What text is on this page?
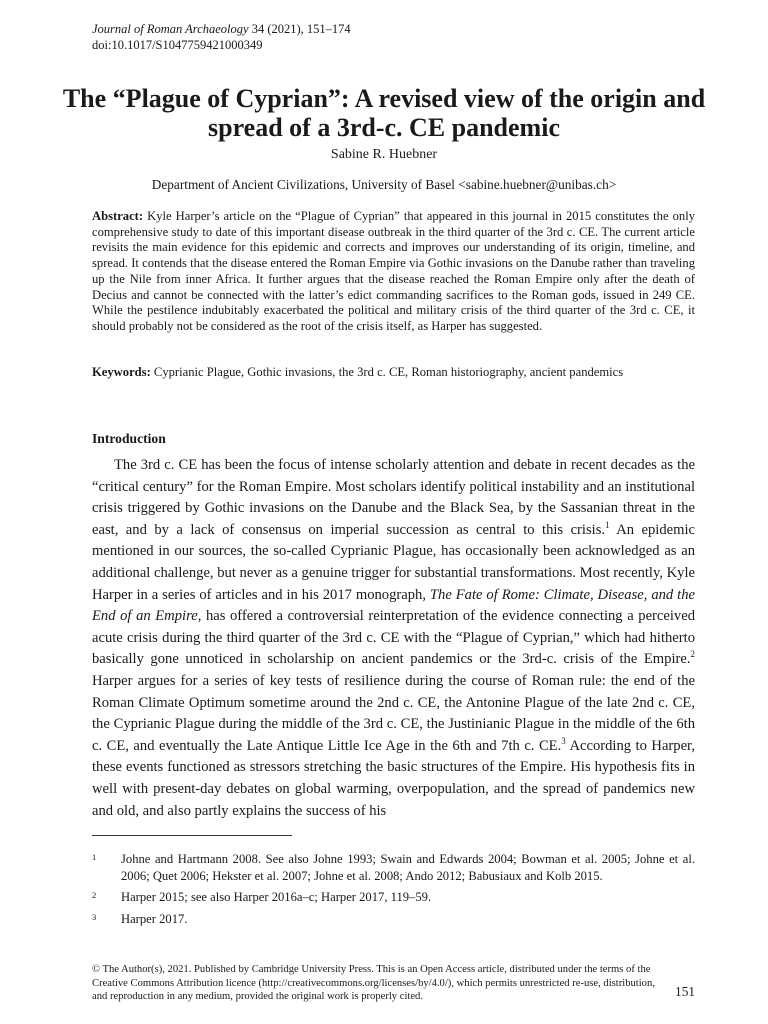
Journal of Roman Archaeology 34 (2021), 151–174
doi:10.1017/S1047759421000349
The “Plague of Cyprian”: A revised view of the origin and spread of a 3rd-c. CE pandemic
Sabine R. Huebner
Department of Ancient Civilizations, University of Basel <sabine.huebner@unibas.ch>
Abstract: Kyle Harper’s article on the “Plague of Cyprian” that appeared in this journal in 2015 constitutes the only comprehensive study to date of this important disease outbreak in the third quarter of the 3rd c. CE. The current article revisits the main evidence for this epidemic and corrects and improves our understanding of its origin, timeline, and spread. It contends that the disease entered the Roman Empire via Gothic invasions on the Danube rather than traveling up the Nile from inner Africa. It further argues that the disease reached the Roman Empire only after the death of Decius and cannot be connected with the latter’s edict commanding sacrifices to the Roman gods, issued in 249 CE. While the pestilence indubitably exacerbated the political and military crisis of the third quarter of the 3rd c. CE, it should probably not be considered as the root of the crisis itself, as Harper has suggested.
Keywords: Cyprianic Plague, Gothic invasions, the 3rd c. CE, Roman historiography, ancient pandemics
Introduction
The 3rd c. CE has been the focus of intense scholarly attention and debate in recent decades as the “critical century” for the Roman Empire. Most scholars identify political instability and an institutional crisis triggered by Gothic invasions on the Danube and the Black Sea, by the Sassanian threat in the east, and by a lack of consensus on imperial succession as central to this crisis.$^1$ An epidemic mentioned in our sources, the so-called Cyprianic Plague, has occasionally been acknowledged as an additional challenge, but never as a genuine trigger for substantial transformations. Most recently, Kyle Harper in a series of articles and in his 2017 monograph, The Fate of Rome: Climate, Disease, and the End of an Empire, has offered a controversial reinterpretation of the evidence connecting a perceived acute crisis during the third quarter of the 3rd c. CE with the “Plague of Cyprian,” which had hitherto basically gone unnoticed in scholarship on ancient pandemics or the 3rd-c. crisis of the Empire.$^2$ Harper argues for a series of key tests of resilience during the course of Roman rule: the end of the Roman Climate Optimum sometime around the 2nd c. CE, the Antonine Plague of the late 2nd c. CE, the Cyprianic Plague during the middle of the 3rd c. CE, the Justinianic Plague in the middle of the 6th c. CE, and eventually the Late Antique Little Ice Age in the 6th and 7th c. CE.$^3$ According to Harper, these events functioned as stressors stretching the basic structures of the Empire. His hypothesis fits in well with present-day debates on global warming, overpopulation, and the spread of pandemics new and old, and also partly explains the success of his
1	Johne and Hartmann 2008. See also Johne 1993; Swain and Edwards 2004; Bowman et al. 2005; Johne et al. 2006; Quet 2006; Hekster et al. 2007; Johne et al. 2008; Ando 2012; Babusiaux and Kolb 2015.
2	Harper 2015; see also Harper 2016a–c; Harper 2017, 119–59.
3	Harper 2017.
© The Author(s), 2021. Published by Cambridge University Press. This is an Open Access article, distributed under the terms of the Creative Commons Attribution licence (http://creativecommons.org/licenses/by/4.0/), which permits unrestricted re-use, distribution, and reproduction in any medium, provided the original work is properly cited.	151
